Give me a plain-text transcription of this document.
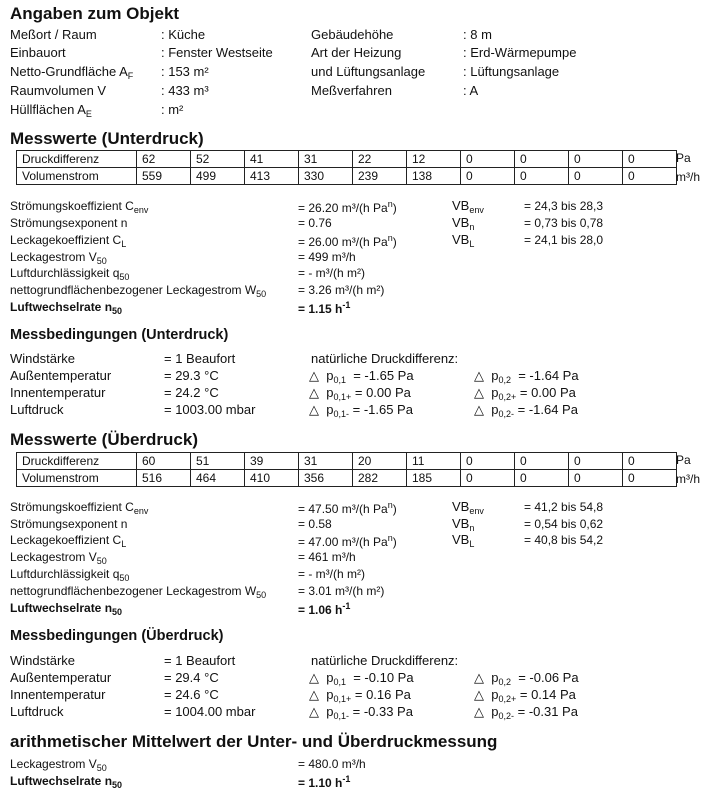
Angaben zum Objekt
Meßort / Raum	: Küche
Einbauort	: Fenster Westseite
Netto-Grundfläche $A_F$ : 153 m²
Raumvolumen V	: 433 m³
Hüllflächen $A_E$	: m²
Gebäudehöhe	: 8 m
Art der Heizung	: Erd-Wärmepumpe
und Lüftungsanlage	: Lüftungsanlage
Meßverfahren	: A
Messwerte (Unterdruck)
Druckdifferenz	62	52	41	31	22	12	0	0	0	0
Volumenstrom	559	499	413	330	239	138	0	0	0	0
Pa
m³/h
Strömungskoeffizient $C_{env}$	= 26.20 m³/(h Pa$^n$)
Strömungsexponent n	= 0.76
Leckagekoeffizient $C_L$	= 26.00 m³/(h Pa$^n$)
Leckagestrom $V_{50}$	= 499 m³/h
Luftdurchlässigkeit $q_{50}$	= - m³/(h m²)
nettogrundflächenbezogener Leckagestrom $W_{50}$	= 3.26 m³/(h m²)
Luftwechselrate $n_{50}$	= 1.15 $h^{-1}$
$VB_{env}$	= 24,3 bis 28,3
$VB_n$	= 0,73 bis 0,78
$VB_L$	= 24,1 bis 28,0
Messbedingungen (Unterdruck)
Windstärke	= 1 Beaufort
Außentemperatur	= 29.3 °C
Innentemperatur	= 24.2 °C
Luftdruck	= 1003.00 mbar
natürliche Druckdifferenz:
△ $p_{0,1} = -1.65$ Pa	△ $p_{0,2} = -1.64$ Pa
△ $p_{0,1+} = 0.00$ Pa	△ $p_{0,2+} = 0.00$ Pa
△ $p_{0,1-} = -1.65$ Pa	△ $p_{0,2-} = -1.64$ Pa
Messwerte (Überdruck)
Druckdifferenz	60	51	39	31	20	11	0	0	0	0
Volumenstrom	516	464	410	356	282	185	0	0	0	0
Pa
m³/h
Strömungskoeffizient $C_{env}$	= 47.50 m³/(h Pa$^n$)
Strömungsexponent n	= 0.58
Leckagekoeffizient $C_L$	= 47.00 m³/(h Pa$^n$)
Leckagestrom $V_{50}$	= 461 m³/h
Luftdurchlässigkeit $q_{50}$	= - m³/(h m²)
nettogrundflächenbezogener Leckagestrom $W_{50}$	= 3.01 m³/(h m²)
Luftwechselrate $n_{50}$	= 1.06 $h^{-1}$
$VB_{env}$	= 41,2 bis 54,8
$VB_n$	= 0,54 bis 0,62
$VB_L$	= 40,8 bis 54,2
Messbedingungen (Überdruck)
Windstärke	= 1 Beaufort
Außentemperatur	= 29.4 °C
Innentemperatur	= 24.6 °C
Luftdruck	= 1004.00 mbar
natürliche Druckdifferenz:
△ $p_{0,1} = -0.10$ Pa	△ $p_{0,2} = -0.06$ Pa
△ $p_{0,1+} = 0.16$ Pa	△ $p_{0,2+} = 0.14$ Pa
△ $p_{0,1-} = -0.33$ Pa	△ $p_{0,2-} = -0.31$ Pa
arithmetischer Mittelwert der Unter- und Überdruckmessung
Leckagestrom $V_{50}$	= 480.0 m³/h
Luftwechselrate $n_{50}$	= 1.10 $h^{-1}$
